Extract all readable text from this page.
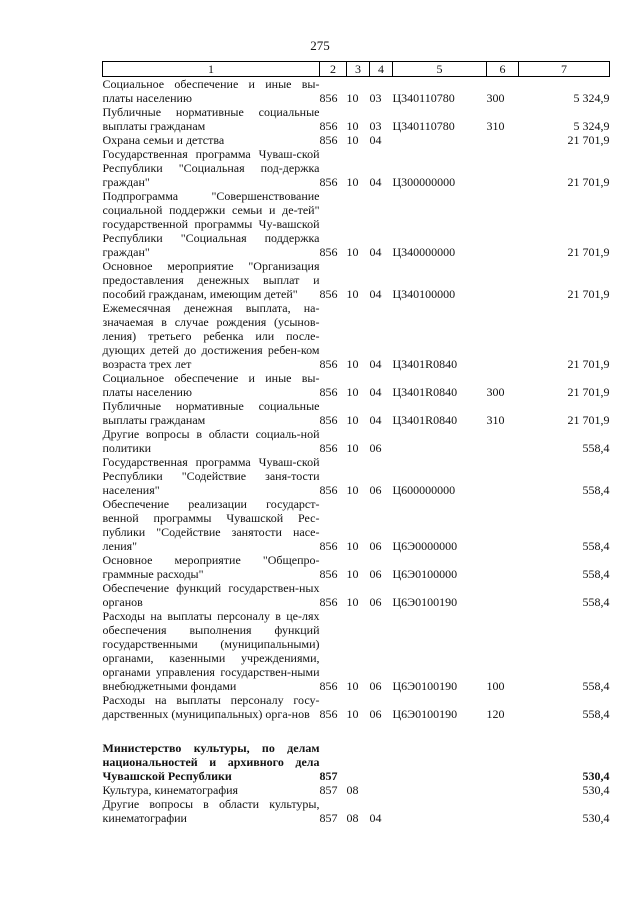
275
1	2	3	4	5	6	7
Социальное обеспечение и иные вы-платы населению	856	10	03	Ц340110780	300	5 324,9
Публичные нормативные социальные выплаты гражданам	856	10	03	Ц340110780	310	5 324,9
Охрана семьи и детства	856	10	04			21 701,9
Государственная программа Чуваш-ской Республики "Социальная под-держка граждан"	856	10	04	Ц300000000		21 701,9
Подпрограмма "Совершенствование социальной поддержки семьи и де-тей" государственной программы Чу-вашской Республики "Социальная поддержка граждан"	856	10	04	Ц340000000		21 701,9
Основное мероприятие "Организация предоставления денежных выплат и пособий гражданам, имеющим детей"	856	10	04	Ц340100000		21 701,9
Ежемесячная денежная выплата, на-значаемая в случае рождения (усынов-ления) третьего ребенка или после-дующих детей до достижения ребен-ком возраста трех лет	856	10	04	Ц3401R0840		21 701,9
Социальное обеспечение и иные вы-платы населению	856	10	04	Ц3401R0840	300	21 701,9
Публичные нормативные социальные выплаты гражданам	856	10	04	Ц3401R0840	310	21 701,9
Другие вопросы в области социаль-ной политики	856	10	06			558,4
Государственная программа Чуваш-ской Республики "Содействие заня-тости населения"	856	10	06	Ц600000000		558,4
Обеспечение реализации государст-венной программы Чувашской Рес-публики "Содействие занятости насе-ления"	856	10	06	Ц6Э0000000		558,4
Основное мероприятие "Общепро-граммные расходы"	856	10	06	Ц6Э0100000		558,4
Обеспечение функций государствен-ных органов	856	10	06	Ц6Э0100190		558,4
Расходы на выплаты персоналу в це-лях обеспечения выполнения функций государственными (муниципальными) органами, казенными учреждениями, органами управления государствен-ными внебюджетными фондами	856	10	06	Ц6Э0100190	100	558,4
Расходы на выплаты персоналу госу-дарственных (муниципальных) орга-нов	856	10	06	Ц6Э0100190	120	558,4

Министерство культуры, по делам национальностей и архивного дела Чувашской Республики	857					530,4
Культура, кинематография	857	08				530,4
Другие вопросы в области культуры, кинематографии	857	08	04			530,4
